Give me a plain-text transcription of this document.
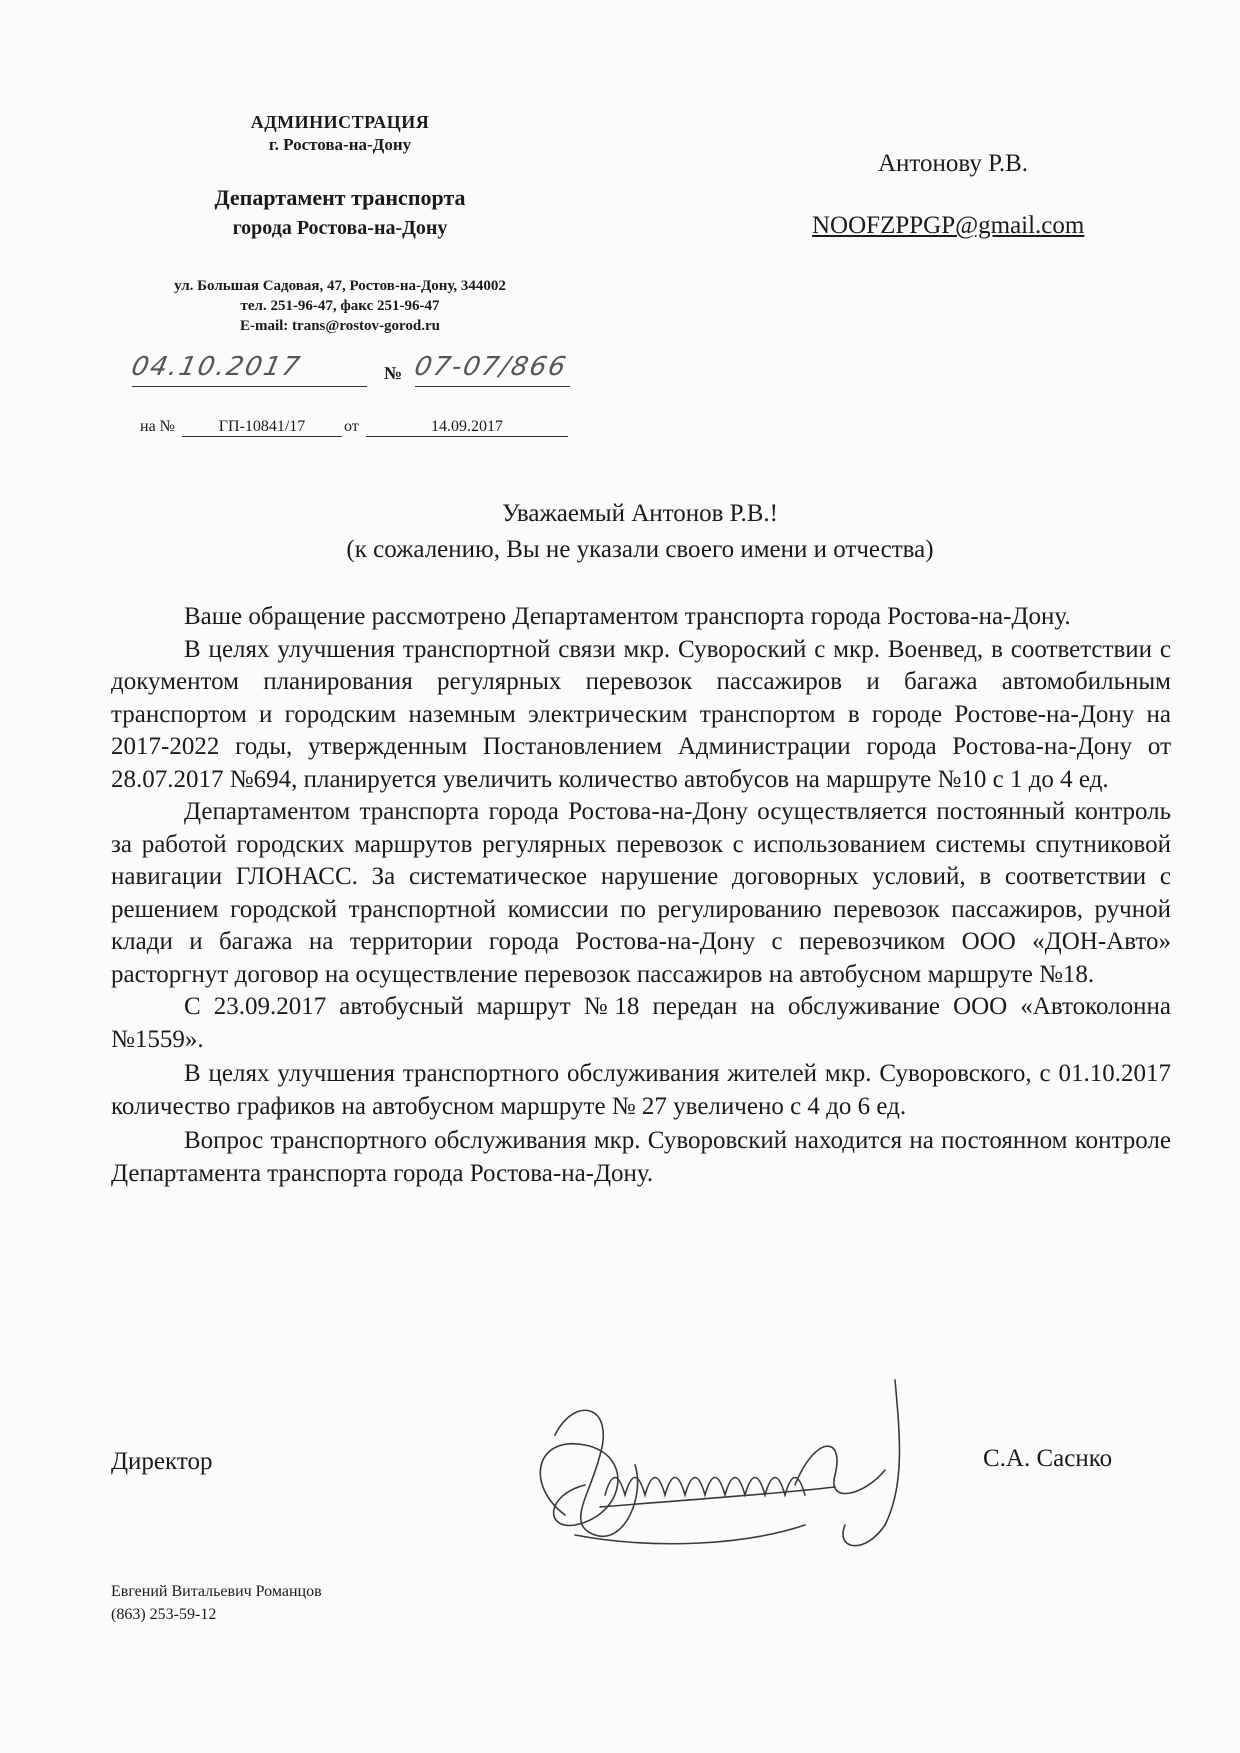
АДМИНИСТРАЦИЯ
г. Ростова-на-Дону
Департамент транспорта
города Ростова-на-Дону
ул. Большая Садовая, 47, Ростов-на-Дону, 344002
тел. 251-96-47, факс 251-96-47
E-mail: trans@rostov-gorod.ru
04.10.2017	№ 07-07/866
на №	ГП-10841/17	от	14.09.2017
Антонову Р.В.
NOOFZPPGP@gmail.com
Уважаемый Антонов Р.В.!
(к сожалению, Вы не указали своего имени и отчества)

Ваше обращение рассмотрено Департаментом транспорта города Ростова-на-Дону.

В целях улучшения транспортной связи мкр. Сувороский с мкр. Военвед, в соответствии с документом планирования регулярных перевозок пассажиров и багажа автомобильным транспортом и городским наземным электрическим транспортом в городе Ростове-на-Дону на 2017-2022 годы, утвержденным Постановлением Администрации города Ростова-на-Дону от 28.07.2017 №694, планируется увеличить количество автобусов на маршруте №10 с 1 до 4 ед.

Департаментом транспорта города Ростова-на-Дону осуществляется постоянный контроль за работой городских маршрутов регулярных перевозок с использованием системы спутниковой навигации ГЛОНАСС. За систематическое нарушение договорных условий, в соответствии с решением городской транспортной комиссии по регулированию перевозок пассажиров, ручной клади и багажа на территории города Ростова-на-Дону с перевозчиком ООО «ДОН-Авто» расторгнут договор на осуществление перевозок пассажиров на автобусном маршруте №18.

С 23.09.2017 автобусный маршрут №18 передан на обслуживание ООО «Автоколонна №1559».

В целях улучшения транспортного обслуживания жителей мкр. Суворовского, с 01.10.2017 количество графиков на автобусном маршруте № 27 увеличено с 4 до 6 ед.

Вопрос транспортного обслуживания мкр. Суворовский находится на постоянном контроле Департамента транспорта города Ростова-на-Дону.

Директор	С.А. Саснко
Евгений Витальевич Романцов
(863) 253-59-12
